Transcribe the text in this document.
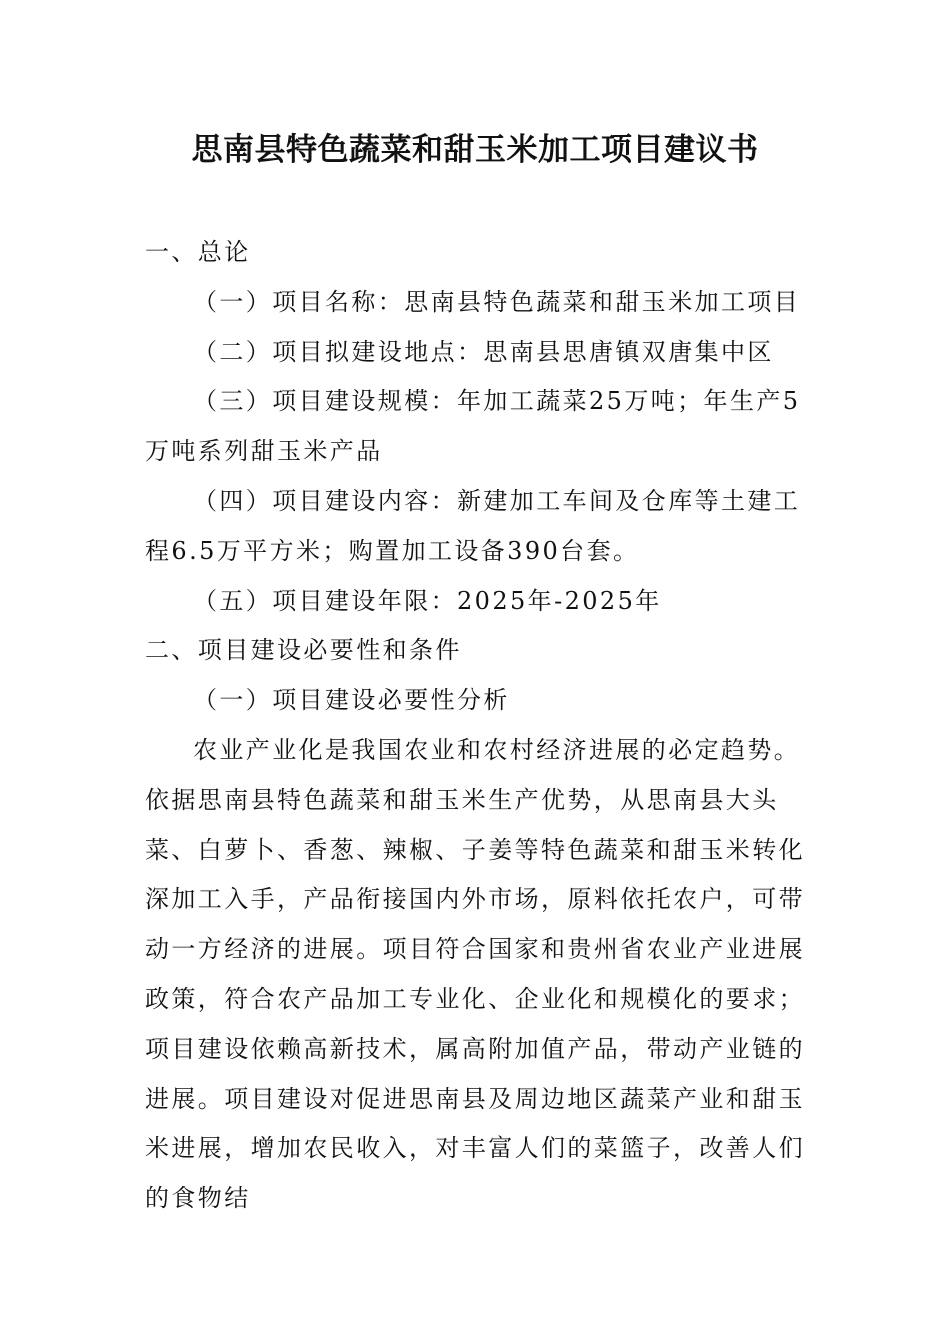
思南县特色蔬菜和甜玉米加工项目建议书

一、总论

（一）项目名称：思南县特色蔬菜和甜玉米加工项目

（二）项目拟建设地点：思南县思唐镇双唐集中区

（三）项目建设规模：年加工蔬菜25万吨；年生产5万吨系列甜玉米产品

（四）项目建设内容：新建加工车间及仓库等土建工程6.5万平方米；购置加工设备390台套。

（五）项目建设年限：2025年-2025年

二、项目建设必要性和条件

（一）项目建设必要性分析

农业产业化是我国农业和农村经济进展的必定趋势。依据思南县特色蔬菜和甜玉米生产优势，从思南县大头菜、白萝卜、香葱、辣椒、子姜等特色蔬菜和甜玉米转化深加工入手，产品衔接国内外市场，原料依托农户，可带动一方经济的进展。项目符合国家和贵州省农业产业进展政策，符合农产品加工专业化、企业化和规模化的要求；项目建设依赖高新技术，属高附加值产品，带动产业链的进展。项目建设对促进思南县及周边地区蔬菜产业和甜玉米进展，增加农民收入，对丰富人们的菜篮子，改善人们的食物结
